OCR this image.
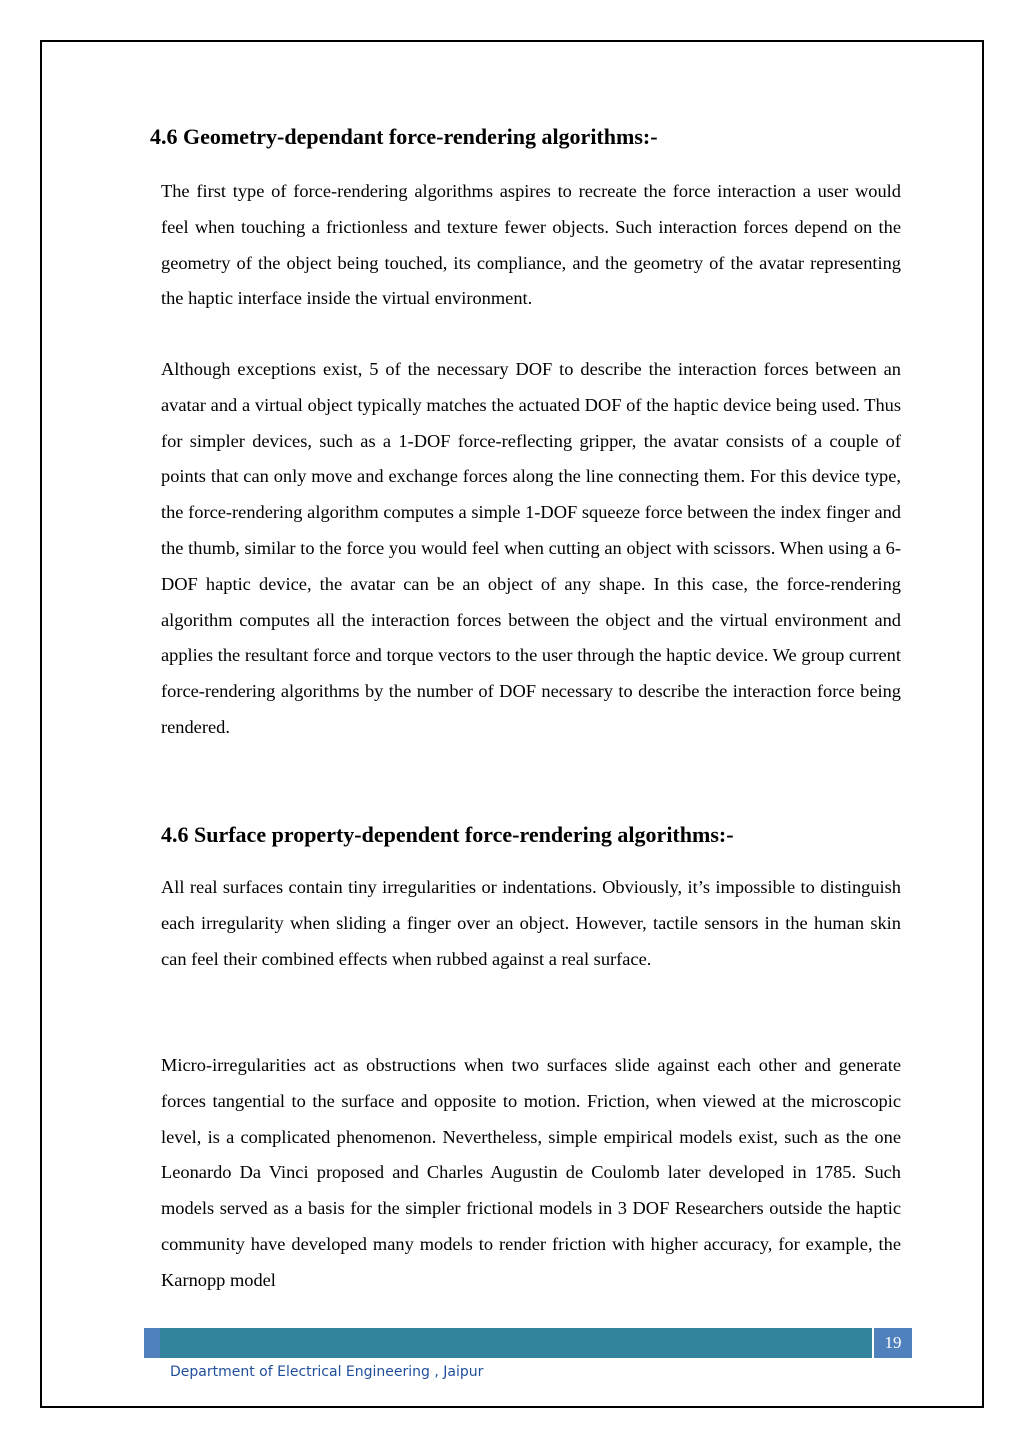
4.6 Geometry-dependant force-rendering algorithms:-

The first type of force-rendering algorithms aspires to recreate the force interaction a user would feel when touching a frictionless and texture fewer objects. Such interaction forces depend on the geometry of the object being touched, its compliance, and the geometry of the avatar representing the haptic interface inside the virtual environment.

Although exceptions exist, 5 of the necessary DOF to describe the interaction forces between an avatar and a virtual object typically matches the actuated DOF of the haptic device being used. Thus for simpler devices, such as a 1-DOF force-reflecting gripper, the avatar consists of a couple of points that can only move and exchange forces along the line connecting them. For this device type, the force-rendering algorithm computes a simple 1-DOF squeeze force between the index finger and the thumb, similar to the force you would feel when cutting an object with scissors. When using a 6-DOF haptic device, the avatar can be an object of any shape. In this case, the force-rendering algorithm computes all the interaction forces between the object and the virtual environment and applies the resultant force and torque vectors to the user through the haptic device. We group current force-rendering algorithms by the number of DOF necessary to describe the interaction force being rendered.

4.6 Surface property-dependent force-rendering algorithms:-

All real surfaces contain tiny irregularities or indentations. Obviously, it’s impossible to distinguish each irregularity when sliding a finger over an object. However, tactile sensors in the human skin can feel their combined effects when rubbed against a real surface.

Micro-irregularities act as obstructions when two surfaces slide against each other and generate forces tangential to the surface and opposite to motion. Friction, when viewed at the microscopic level, is a complicated phenomenon. Nevertheless, simple empirical models exist, such as the one Leonardo Da Vinci proposed and Charles Augustin de Coulomb later developed in 1785. Such models served as a basis for the simpler frictional models in 3 DOF Researchers outside the haptic community have developed many models to render friction with higher accuracy, for example, the Karnopp model

19
Department of Electrical Engineering , Jaipur
